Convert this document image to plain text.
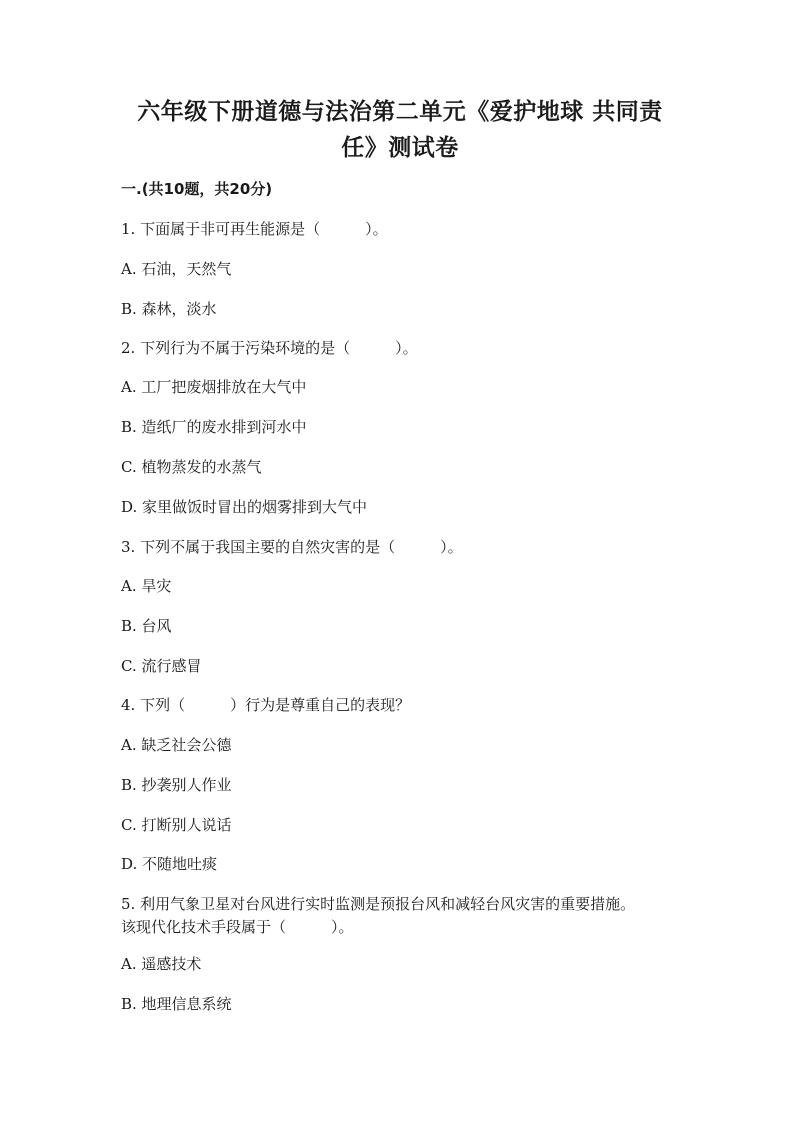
六年级下册道德与法治第二单元《爱护地球 共同责
任》测试卷
一.(共10题，共20分)
1. 下面属于非可再生能源是（　　　）。
A. 石油，天然气
B. 森林，淡水
2. 下列行为不属于污染环境的是（　　　）。
A. 工厂把废烟排放在大气中
B. 造纸厂的废水排到河水中
C. 植物蒸发的水蒸气
D. 家里做饭时冒出的烟雾排到大气中
3. 下列不属于我国主要的自然灾害的是（　　　）。
A. 旱灾
B. 台风
C. 流行感冒
4. 下列（　　　）行为是尊重自己的表现？
A. 缺乏社会公德
B. 抄袭别人作业
C. 打断别人说话
D. 不随地吐痰
5. 利用气象卫星对台风进行实时监测是预报台风和减轻台风灾害的重要措施。
该现代化技术手段属于（　　　）。
A. 遥感技术
B. 地理信息系统
